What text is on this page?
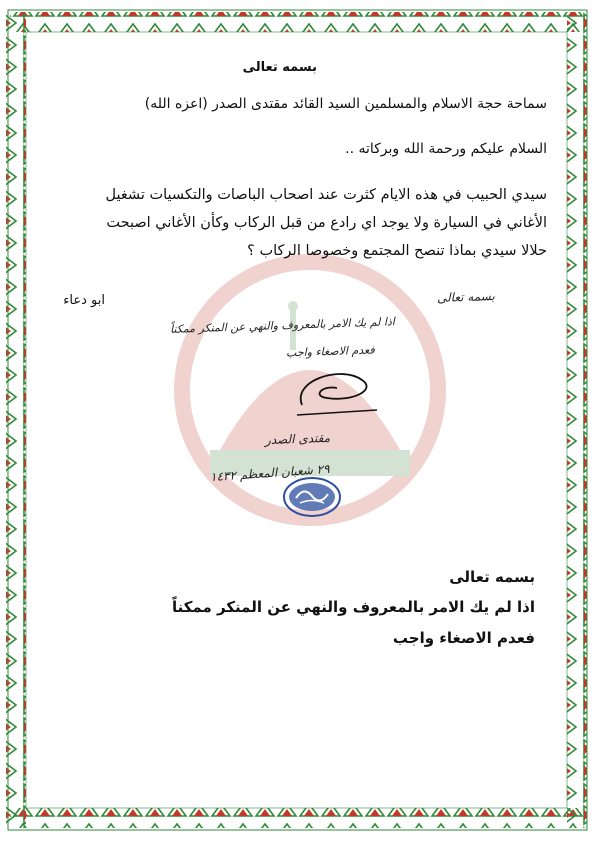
بسمه تعالى

سماحة حجة الاسلام والمسلمين السيد القائد مقتدى الصدر (اعزه الله)

السلام عليكم ورحمة الله وبركاته ..

سيدي الحبيب في هذه الايام كثرت عند اصحاب الباصات والتكسيات تشغيل

الأغاني في السيارة ولا يوجد اي رادع من قبل الركاب وكأن الأغاني اصبحت

حلالا سيدي بماذا تنصح المجتمع وخصوصا الركاب ؟

ابو دعاء	بسمه تعالى

اذا لم يك الامر بالمعروف والنهي عن المنكر ممكناً

فعدم الاصغاء واجب

مقتدى الصدر

٢٩ شعبان المعظم ١٤٣٢

بسمه تعالى

اذا لم يك الامر بالمعروف والنهي عن المنكر ممكناً

فعدم الاصغاء واجب
